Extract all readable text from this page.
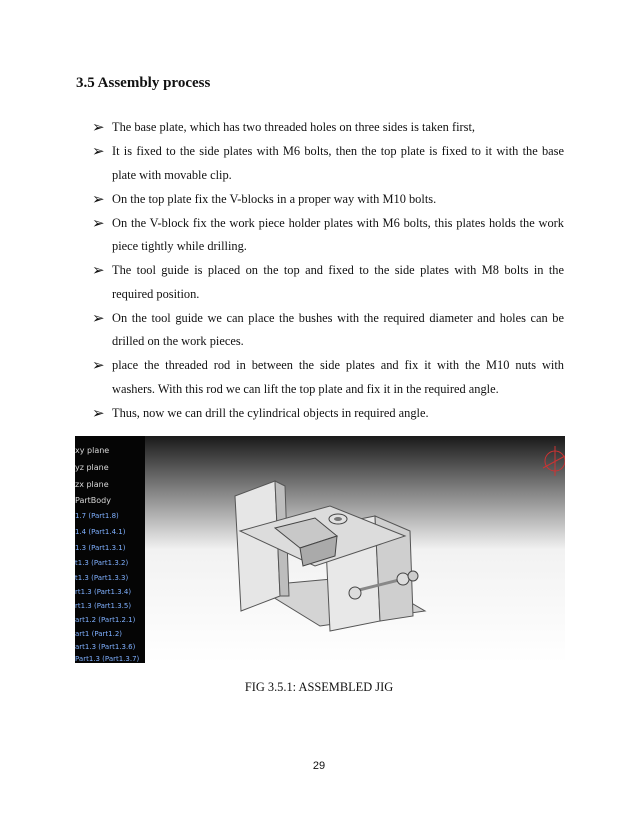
3.5 Assembly process
➢ The base plate, which has two threaded holes on three sides is taken first,
➢ It is fixed to the side plates with M6 bolts, then the top plate is fixed to it with the base plate with movable clip.
➢ On the top plate fix the V-blocks in a proper way with M10 bolts.
➢ On the V-block fix the work piece holder plates with M6 bolts, this plates holds the work piece tightly while drilling.
➢ The tool guide is placed on the top and fixed to the side plates with M8 bolts in the required position.
➢ On the tool guide we can place the bushes with the required diameter and holes can be drilled on the work pieces.
➢ place the threaded rod in between the side plates and fix it with the M10 nuts with washers. With this rod we can lift the top plate and fix it in the required angle.
➢ Thus, now we can drill the cylindrical objects in required angle.
xy plane
yz plane
zx plane
PartBody
1.7 (Part1.8)
1.4 (Part1.4.1)
1.3 (Part1.3.1)
t1.3 (Part1.3.2)
t1.3 (Part1.3.3)
rt1.3 (Part1.3.4)
rt1.3 (Part1.3.5)
art1.2 (Part1.2.1)
art1 (Part1.2)
art1.3 (Part1.3.6)
Part1.3 (Part1.3.7)
FIG 3.5.1: ASSEMBLED JIG
29
